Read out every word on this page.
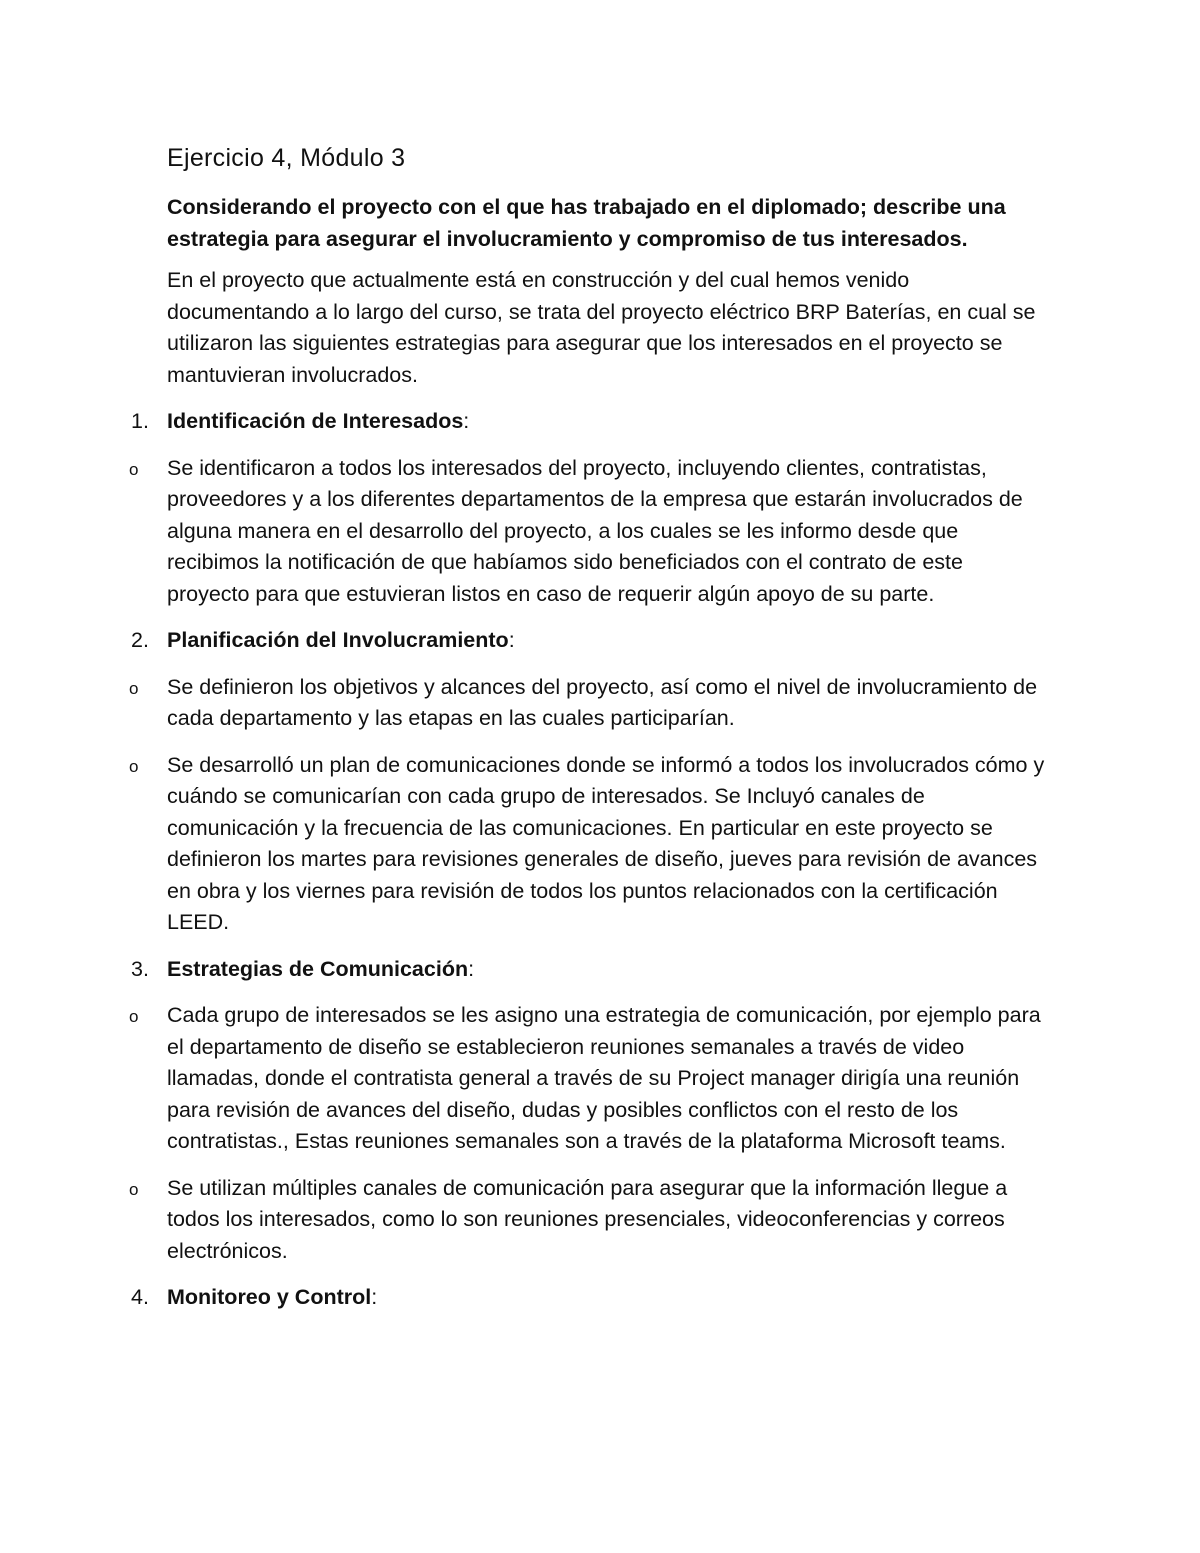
Ejercicio 4, Módulo 3
Considerando el proyecto con el que has trabajado en el diplomado; describe una estrategia para asegurar el involucramiento y compromiso de tus interesados.
En el proyecto que actualmente está en construcción y del cual hemos venido documentando a lo largo del curso, se trata del proyecto eléctrico BRP Baterías, en cual se utilizaron las siguientes estrategias para asegurar que los interesados en el proyecto se mantuvieran involucrados.
1. Identificación de Interesados:
o Se identificaron a todos los interesados del proyecto, incluyendo clientes, contratistas, proveedores y a los diferentes departamentos de la empresa que estarán involucrados de alguna manera en el desarrollo del proyecto, a los cuales se les informo desde que recibimos la notificación de que habíamos sido beneficiados con el contrato de este proyecto para que estuvieran listos en caso de requerir algún apoyo de su parte.
2. Planificación del Involucramiento:
o Se definieron los objetivos y alcances del proyecto, así como el nivel de involucramiento de cada departamento y las etapas en las cuales participarían.
o Se desarrolló un plan de comunicaciones donde se informó a todos los involucrados cómo y cuándo se comunicarían con cada grupo de interesados. Se Incluyó canales de comunicación y la frecuencia de las comunicaciones. En particular en este proyecto se definieron los martes para revisiones generales de diseño, jueves para revisión de avances en obra y los viernes para revisión de todos los puntos relacionados con la certificación LEED.
3. Estrategias de Comunicación:
o Cada grupo de interesados se les asigno una estrategia de comunicación, por ejemplo para el departamento de diseño se establecieron reuniones semanales a través de video llamadas, donde el contratista general a través de su Project manager dirigía una reunión para revisión de avances del diseño, dudas y posibles conflictos con el resto de los contratistas., Estas reuniones semanales son a través de la plataforma Microsoft teams.
o Se utilizan múltiples canales de comunicación para asegurar que la información llegue a todos los interesados, como lo son reuniones presenciales, videoconferencias y correos electrónicos.
4. Monitoreo y Control:
